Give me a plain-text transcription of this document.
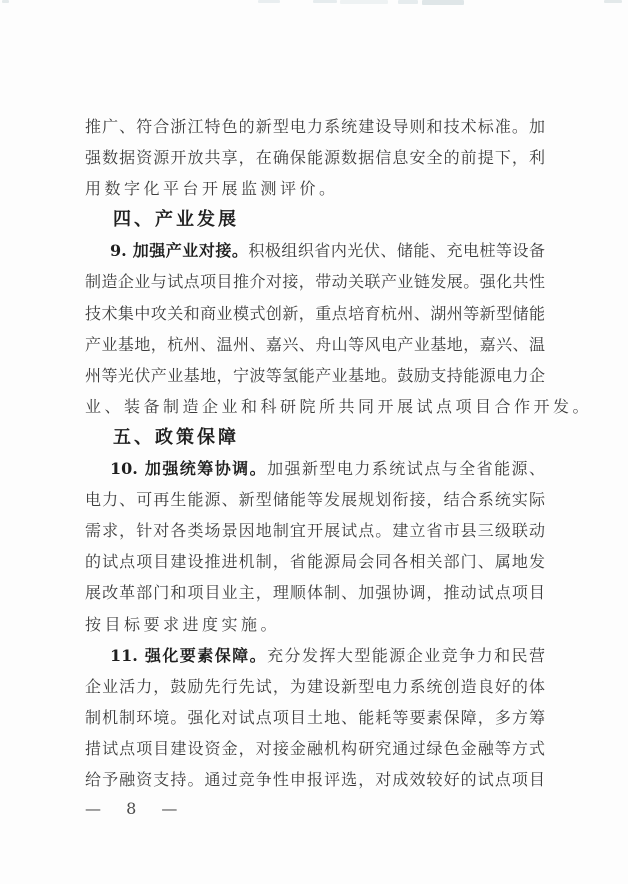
推广、符合浙江特色的新型电力系统建设导则和技术标准。加
强数据资源开放共享，在确保能源数据信息安全的前提下，利
用数字化平台开展监测评价。
四、产业发展
9. 加强产业对接。积极组织省内光伏、储能、充电桩等设备
制造企业与试点项目推介对接，带动关联产业链发展。强化共性
技术集中攻关和商业模式创新，重点培育杭州、湖州等新型储能
产业基地，杭州、温州、嘉兴、舟山等风电产业基地，嘉兴、温
州等光伏产业基地，宁波等氢能产业基地。鼓励支持能源电力企
业、装备制造企业和科研院所共同开展试点项目合作开发。
五、政策保障
10. 加强统筹协调。加强新型电力系统试点与全省能源、
电力、可再生能源、新型储能等发展规划衔接，结合系统实际
需求，针对各类场景因地制宜开展试点。建立省市县三级联动
的试点项目建设推进机制，省能源局会同各相关部门、属地发
展改革部门和项目业主，理顺体制、加强协调，推动试点项目
按目标要求进度实施。
11. 强化要素保障。充分发挥大型能源企业竞争力和民营
企业活力，鼓励先行先试，为建设新型电力系统创造良好的体
制机制环境。强化对试点项目土地、能耗等要素保障，多方筹
措试点项目建设资金，对接金融机构研究通过绿色金融等方式
给予融资支持。通过竞争性申报评选，对成效较好的试点项目
— 8 —
